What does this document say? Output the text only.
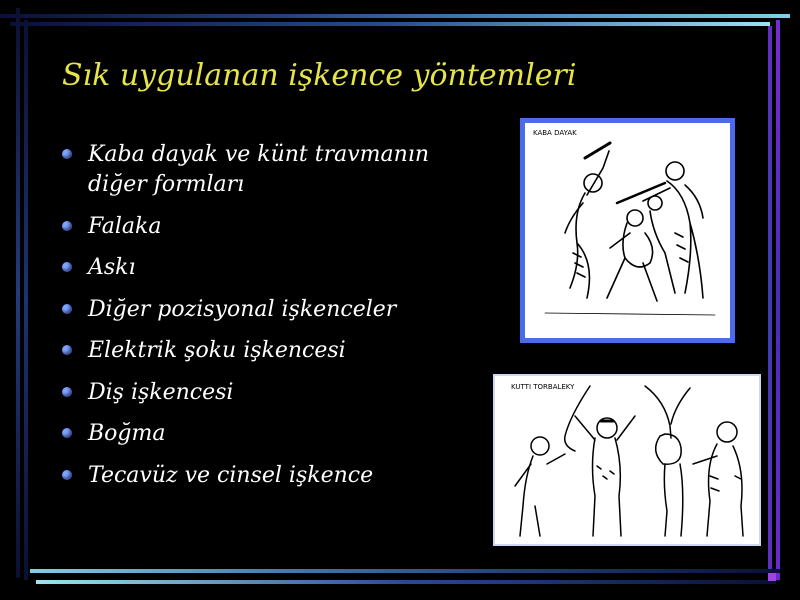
Sık uygulanan işkence yöntemleri
Kaba dayak ve künt travmanın diğer formları
Falaka
Askı
Diğer pozisyonal işkenceler
Elektrik şoku işkencesi
Diş işkencesi
Boğma
Tecavüz ve cinsel işkence
KABA DAYAK
KUTTI TORBALEKY
